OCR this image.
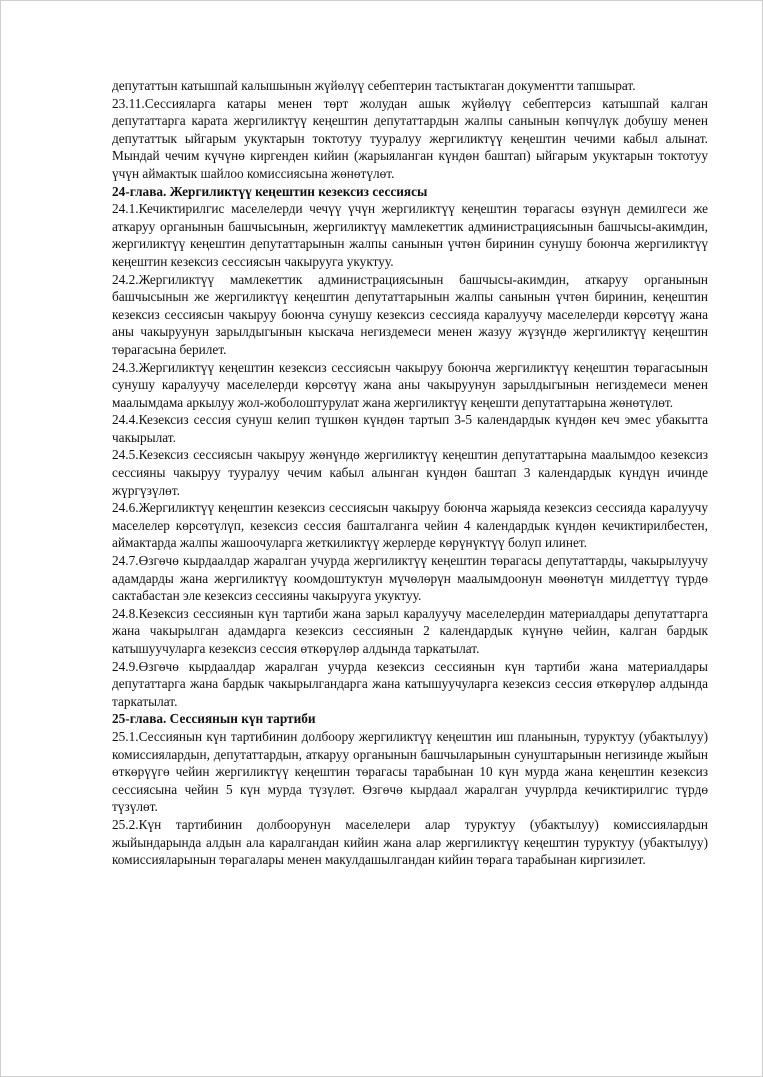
депутаттын катышпай калышынын жүйөлүү себептерин тастыктаган документти тапшырат.

23.11.Сессияларга катары менен төрт жолудан ашык жүйөлүү себептерсиз катышпай калган депутаттарга карата жергиликтүү кеңештин депутаттардын жалпы санынын көпчүлүк добушу менен депутаттык ыйгарым укуктарын токтотуу тууралуу жергиликтүү кеңештин чечими кабыл алынат. Мындай чечим күчүнө киргенден кийин (жарыяланган күндөн баштап) ыйгарым укуктарын токтотуу үчүн аймактык шайлоо комиссиясына жөнөтүлөт.

24-глава. Жергиликтүү кеңештин кезексиз сессиясы

24.1.Кечиктирилгис маселелерди чечүү үчүн жергиликтүү кеңештин төрагасы өзүнүн демилгеси же аткаруу органынын башчысынын, жергиликтүү мамлекеттик администрациясынын башчысы-акимдин, жергиликтүү кеңештин депутаттарынын жалпы санынын үчтөн биринин сунушу боюнча жергиликтүү кеңештин кезексиз сессиясын чакырууга укуктуу.

24.2.Жергиликтүү мамлекеттик администрациясынын башчысы-акимдин, аткаруу органынын башчысынын же жергиликтүү кеңештин депутаттарынын жалпы санынын үчтөн биринин, кеңештин кезексиз сессиясын чакыруу боюнча сунушу кезексиз сессияда каралуучу маселелерди көрсөтүү жана аны чакыруунун зарылдыгынын кыскача негиздемеси менен жазуу жүзүндө жергиликтүү кеңештин төрагасына берилет.

24.3.Жергиликтүү кеңештин кезексиз сессиясын чакыруу боюнча жергиликтүү кеңештин төрагасынын сунушу каралуучу маселелерди көрсөтүү жана аны чакыруунун зарылдыгынын негиздемеси менен маалымдама аркылуу жол-жоболоштурулат жана жергиликтүү кеңешти депутаттарына жөнөтүлөт.

24.4.Кезексиз сессия сунуш келип түшкөн күндөн тартып 3-5 календардык күндөн кеч эмес убакытта чакырылат.

24.5.Кезексиз сессиясын чакыруу жөнүндө жергиликтүү кеңештин депутаттарына маалымдоо кезексиз сессияны чакыруу тууралуу чечим кабыл алынган күндөн баштап 3 календардык күндүн ичинде жүргүзүлөт.

24.6.Жергиликтүү кеңештин кезексиз сессиясын чакыруу боюнча жарыяда кезексиз сессияда каралуучу маселелер көрсөтүлүп, кезексиз сессия башталганга чейин 4 календардык күндөн кечиктирилбестен, аймактарда жалпы жашоочуларга жеткиликтүү жерлерде көрүнүктүү болуп илинет.

24.7.Өзгөчө кырдаалдар жаралган учурда жергиликтүү кеңештин төрагасы депутаттарды, чакырылуучу адамдарды жана жергиликтүү коомдоштуктун мүчөлөрүн маалымдоонун мөөнөтүн милдеттүү түрдө сактабастан эле кезексиз сессияны чакырууга укуктуу.

24.8.Кезексиз сессиянын күн тартиби жана зарыл каралуучу маселелердин материалдары депутаттарга жана чакырылган адамдарга кезексиз сессиянын 2 календардык күнүнө чейин, калган бардык катышуучуларга кезексиз сессия өткөрүлөр алдында таркатылат.

24.9.Өзгөчө кырдаалдар жаралган учурда кезексиз сессиянын күн тартиби жана материалдары депутаттарга жана бардык чакырылгандарга жана катышуучуларга кезексиз сессия өткөрүлөр алдында таркатылат.

25-глава. Сессиянын күн тартиби

25.1.Сессиянын күн тартибинин долбоору жергиликтүү кеңештин иш планынын, туруктуу (убактылуу) комиссиялардын, депутаттардын, аткаруу органынын башчыларынын сунуштарынын негизинде жыйын өткөрүүгө чейин жергиликтүү кеңештин төрагасы тарабынан 10 күн мурда жана кеңештин кезексиз сессиясына чейин 5 күн мурда түзүлөт. Өзгөчө кырдаал жаралган учурлрда кечиктирилгис түрдө түзүлөт.

25.2.Күн тартибинин долбоорунун маселелери алар туруктуу (убактылуу) комиссиялардын жыйындарында алдын ала каралгандан кийин жана алар жергиликтүү кеңештин туруктуу (убактылуу) комиссияларынын төрагалары менен макулдашылгандан кийин төрага тарабынан киргизилет.
